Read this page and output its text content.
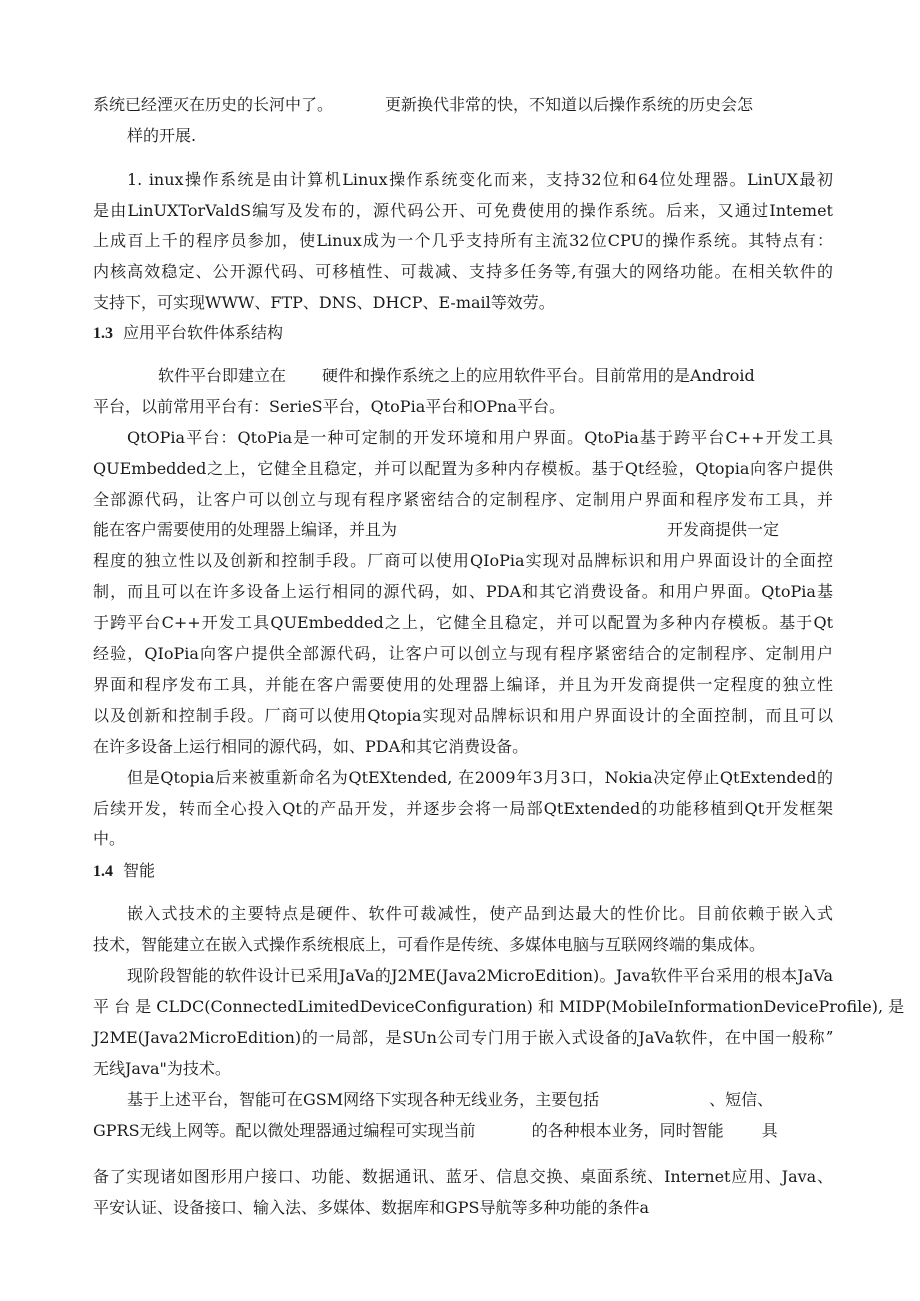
系统已经湮灭在历史的长河中了。	更新换代非常的快，不知道以后操作系统的历史会怎
样的开展.
1. inux操作系统是由计算机Linux操作系统变化而来，支持32位和64位处理器。LinUX最初
是由LinUXTorValdS编写及发布的，源代码公开、可免费使用的操作系统。后来，又通过Intemet
上成百上千的程序员参加，使Linux成为一个几乎支持所有主流32位CPU的操作系统。其特点有：
内核高效稳定、公开源代码、可移植性、可裁减、支持多任务等,有强大的网络功能。在相关软件的
支持下，可实现WWW、FTP、DNS、DHCP、E-mail等效劳。
1.3 应用平台软件体系结构
软件平台即建立在 硬件和操作系统之上的应用软件平台。目前常用的是Android
平台，以前常用平台有：SerieS平台，QtoPia平台和OPna平台。
QtOPia平台：QtoPia是一种可定制的开发环境和用户界面。QtoPia基于跨平台C++开发工具
QUEmbedded之上，它健全且稳定，并可以配置为多种内存模板。基于Qt经验，Qtopia向客户提供
全部源代码，让客户可以创立与现有程序紧密结合的定制程序、定制用户界面和程序发布工具，并
能在客户需要使用的处理器上编译，并且为	开发商提供一定
程度的独立性以及创新和控制手段。厂商可以使用QIoPia实现对品牌标识和用户界面设计的全面控
制，而且可以在许多设备上运行相同的源代码，如、PDA和其它消费设备。和用户界面。QtoPia基
于跨平台C++开发工具QUEmbedded之上，它健全且稳定，并可以配置为多种内存模板。基于Qt
经验，QIoPia向客户提供全部源代码，让客户可以创立与现有程序紧密结合的定制程序、定制用户
界面和程序发布工具，并能在客户需要使用的处理器上编译，并且为开发商提供一定程度的独立性
以及创新和控制手段。厂商可以使用Qtopia实现对品牌标识和用户界面设计的全面控制，而且可以
在许多设备上运行相同的源代码，如、PDA和其它消费设备。
但是Qtopia后来被重新命名为QtEXtended, 在2009年3月3口，Nokia决定停止QtExtended的
后续开发，转而全心投入Qt的产品开发，并逐步会将一局部QtExtended的功能移植到Qt开发框架
中。
1.4 智能
嵌入式技术的主要特点是硬件、软件可裁减性，使产品到达最大的性价比。目前依赖于嵌入式
技术，智能建立在嵌入式操作系统根底上，可看作是传统、多媒体电脑与互联网终端的集成体。
现阶段智能的软件设计已采用JaVa的J2ME(Java2MicroEdition)。Java软件平台采用的根本JaVa
平 台 是 CLDC(ConnectedLimitedDeviceConfiguration) 和 MIDP(MobileInformationDeviceProfile), 是
J2ME(Java2MicroEdition)的一局部，是SUn公司专门用于嵌入式设备的JaVa软件，在中国一般称ˮ
无线Java"为技术。
基于上述平台，智能可在GSM网络下实现各种无线业务，主要包括	、短信、
GPRS无线上网等。配以微处理器通过编程可实现当前	的各种根本业务，同时智能 具
备了实现诸如图形用户接口、功能、数据通讯、蓝牙、信息交换、桌面系统、Internet应用、Java、
平安认证、设备接口、输入法、多媒体、数据库和GPS导航等多种功能的条件a
